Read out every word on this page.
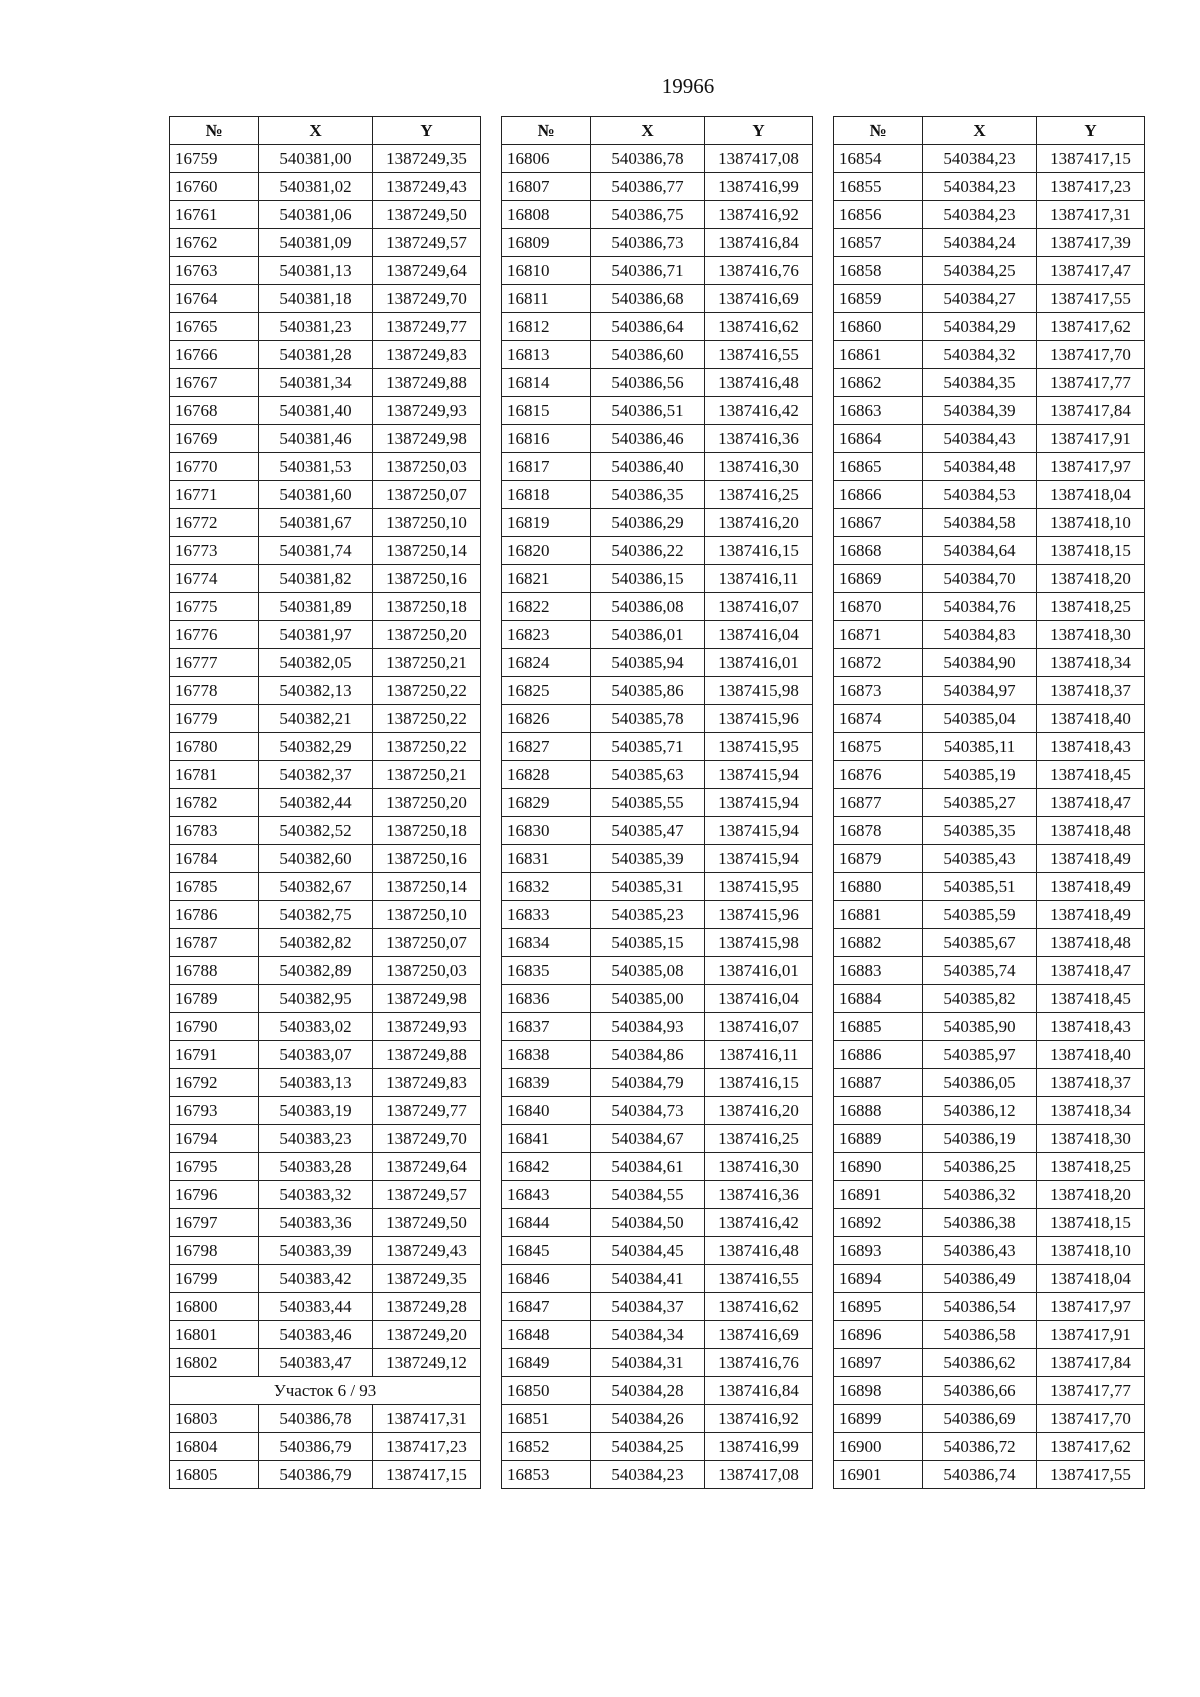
19966
№	X	Y
16759	540381,00	1387249,35
16760	540381,02	1387249,43
16761	540381,06	1387249,50
16762	540381,09	1387249,57
16763	540381,13	1387249,64
16764	540381,18	1387249,70
16765	540381,23	1387249,77
16766	540381,28	1387249,83
16767	540381,34	1387249,88
16768	540381,40	1387249,93
16769	540381,46	1387249,98
16770	540381,53	1387250,03
16771	540381,60	1387250,07
16772	540381,67	1387250,10
16773	540381,74	1387250,14
16774	540381,82	1387250,16
16775	540381,89	1387250,18
16776	540381,97	1387250,20
16777	540382,05	1387250,21
16778	540382,13	1387250,22
16779	540382,21	1387250,22
16780	540382,29	1387250,22
16781	540382,37	1387250,21
16782	540382,44	1387250,20
16783	540382,52	1387250,18
16784	540382,60	1387250,16
16785	540382,67	1387250,14
16786	540382,75	1387250,10
16787	540382,82	1387250,07
16788	540382,89	1387250,03
16789	540382,95	1387249,98
16790	540383,02	1387249,93
16791	540383,07	1387249,88
16792	540383,13	1387249,83
16793	540383,19	1387249,77
16794	540383,23	1387249,70
16795	540383,28	1387249,64
16796	540383,32	1387249,57
16797	540383,36	1387249,50
16798	540383,39	1387249,43
16799	540383,42	1387249,35
16800	540383,44	1387249,28
16801	540383,46	1387249,20
16802	540383,47	1387249,12
Участок 6 / 93		
16803	540386,78	1387417,31
16804	540386,79	1387417,23
16805	540386,79	1387417,15
№	X	Y
16806	540386,78	1387417,08
16807	540386,77	1387416,99
16808	540386,75	1387416,92
16809	540386,73	1387416,84
16810	540386,71	1387416,76
16811	540386,68	1387416,69
16812	540386,64	1387416,62
16813	540386,60	1387416,55
16814	540386,56	1387416,48
16815	540386,51	1387416,42
16816	540386,46	1387416,36
16817	540386,40	1387416,30
16818	540386,35	1387416,25
16819	540386,29	1387416,20
16820	540386,22	1387416,15
16821	540386,15	1387416,11
16822	540386,08	1387416,07
16823	540386,01	1387416,04
16824	540385,94	1387416,01
16825	540385,86	1387415,98
16826	540385,78	1387415,96
16827	540385,71	1387415,95
16828	540385,63	1387415,94
16829	540385,55	1387415,94
16830	540385,47	1387415,94
16831	540385,39	1387415,94
16832	540385,31	1387415,95
16833	540385,23	1387415,96
16834	540385,15	1387415,98
16835	540385,08	1387416,01
16836	540385,00	1387416,04
16837	540384,93	1387416,07
16838	540384,86	1387416,11
16839	540384,79	1387416,15
16840	540384,73	1387416,20
16841	540384,67	1387416,25
16842	540384,61	1387416,30
16843	540384,55	1387416,36
16844	540384,50	1387416,42
16845	540384,45	1387416,48
16846	540384,41	1387416,55
16847	540384,37	1387416,62
16848	540384,34	1387416,69
16849	540384,31	1387416,76
16850	540384,28	1387416,84
16851	540384,26	1387416,92
16852	540384,25	1387416,99
16853	540384,23	1387417,08
№	X	Y
16854	540384,23	1387417,15
16855	540384,23	1387417,23
16856	540384,23	1387417,31
16857	540384,24	1387417,39
16858	540384,25	1387417,47
16859	540384,27	1387417,55
16860	540384,29	1387417,62
16861	540384,32	1387417,70
16862	540384,35	1387417,77
16863	540384,39	1387417,84
16864	540384,43	1387417,91
16865	540384,48	1387417,97
16866	540384,53	1387418,04
16867	540384,58	1387418,10
16868	540384,64	1387418,15
16869	540384,70	1387418,20
16870	540384,76	1387418,25
16871	540384,83	1387418,30
16872	540384,90	1387418,34
16873	540384,97	1387418,37
16874	540385,04	1387418,40
16875	540385,11	1387418,43
16876	540385,19	1387418,45
16877	540385,27	1387418,47
16878	540385,35	1387418,48
16879	540385,43	1387418,49
16880	540385,51	1387418,49
16881	540385,59	1387418,49
16882	540385,67	1387418,48
16883	540385,74	1387418,47
16884	540385,82	1387418,45
16885	540385,90	1387418,43
16886	540385,97	1387418,40
16887	540386,05	1387418,37
16888	540386,12	1387418,34
16889	540386,19	1387418,30
16890	540386,25	1387418,25
16891	540386,32	1387418,20
16892	540386,38	1387418,15
16893	540386,43	1387418,10
16894	540386,49	1387418,04
16895	540386,54	1387417,97
16896	540386,58	1387417,91
16897	540386,62	1387417,84
16898	540386,66	1387417,77
16899	540386,69	1387417,70
16900	540386,72	1387417,62
16901	540386,74	1387417,55
